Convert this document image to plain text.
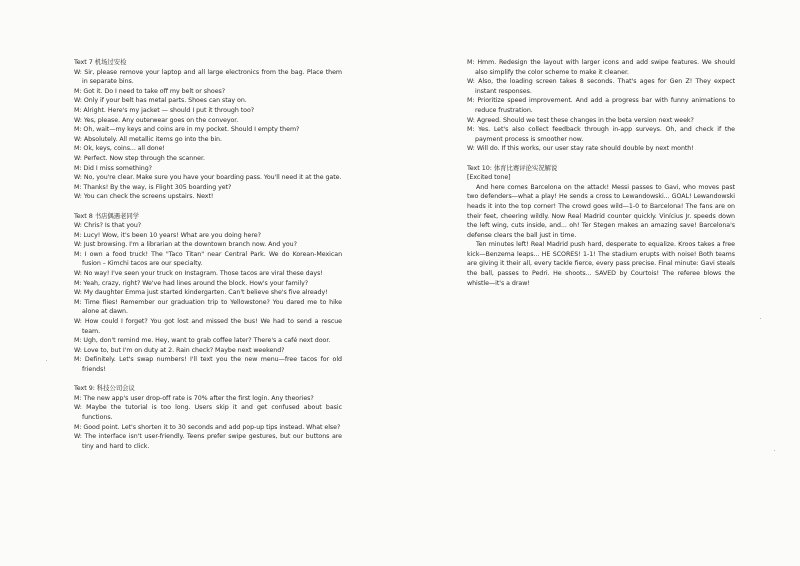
Text 7 机场过安检

W: Sir, please remove your laptop and all large electronics from the bag. Place them in separate bins.

M: Got it. Do I need to take off my belt or shoes?

W: Only if your belt has metal parts. Shoes can stay on.

M: Alright. Here's my jacket — should I put it through too?

W: Yes, please. Any outerwear goes on the conveyor.

M: Oh, wait—my keys and coins are in my pocket. Should I empty them?

W: Absolutely. All metallic items go into the bin.

M: Ok, keys, coins... all done!

W: Perfect. Now step through the scanner.

M: Did I miss something?

W: No, you're clear. Make sure you have your boarding pass. You'll need it at the gate.

M: Thanks! By the way, is Flight 305 boarding yet?

W: You can check the screens upstairs. Next!

Text 8 书店偶遇老同学

W: Chris? Is that you?

M: Lucy! Wow, it's been 10 years! What are you doing here?

W: Just browsing. I'm a librarian at the downtown branch now. And you?

M: I own a food truck! The "Taco Titan" near Central Park. We do Korean-Mexican fusion – Kimchi tacos are our specialty.

W: No way! I've seen your truck on Instagram. Those tacos are viral these days!

M: Yeah, crazy, right? We've had lines around the block. How's your family?

W: My daughter Emma just started kindergarten. Can't believe she's five already!

M: Time flies! Remember our graduation trip to Yellowstone? You dared me to hike alone at dawn.

W: How could I forget? You got lost and missed the bus! We had to send a rescue team.

M: Ugh, don't remind me. Hey, want to grab coffee later? There's a café next door.

W: Love to, but I'm on duty at 2. Rain check? Maybe next weekend?

M: Definitely. Let's swap numbers! I'll text you the new menu—free tacos for old friends!

Text 9: 科技公司会议

M: The new app's user drop-off rate is 70% after the first login. Any theories?

W: Maybe the tutorial is too long. Users skip it and get confused about basic functions.

M: Good point. Let's shorten it to 30 seconds and add pop-up tips instead. What else?

W: The interface isn't user-friendly. Teens prefer swipe gestures, but our buttons are tiny and hard to click.

M: Hmm. Redesign the layout with larger icons and add swipe features. We should also simplify the color scheme to make it cleaner.

W: Also, the loading screen takes 8 seconds. That's ages for Gen Z! They expect instant responses.

M: Prioritize speed improvement. And add a progress bar with funny animations to reduce frustration.

W: Agreed. Should we test these changes in the beta version next week?

M: Yes. Let's also collect feedback through in-app surveys. Oh, and check if the payment process is smoother now.

W: Will do. If this works, our user stay rate should double by next month!

Text 10: 体育比赛评论实况解说

[Excited tone]

And here comes Barcelona on the attack! Messi passes to Gavi, who moves past two defenders—what a play! He sends a cross to Lewandowski... GOAL! Lewandowski heads it into the top corner! The crowd goes wild—1-0 to Barcelona! The fans are on their feet, cheering wildly. Now Real Madrid counter quickly. Vinícius Jr. speeds down the left wing, cuts inside, and... oh! Ter Stegen makes an amazing save! Barcelona's defense clears the ball just in time.

Ten minutes left! Real Madrid push hard, desperate to equalize. Kroos takes a free kick—Benzema leaps... HE SCORES! 1-1! The stadium erupts with noise! Both teams are giving it their all, every tackle fierce, every pass precise. Final minute: Gavi steals the ball, passes to Pedri. He shoots... SAVED by Courtois! The referee blows the whistle—it's a draw!
